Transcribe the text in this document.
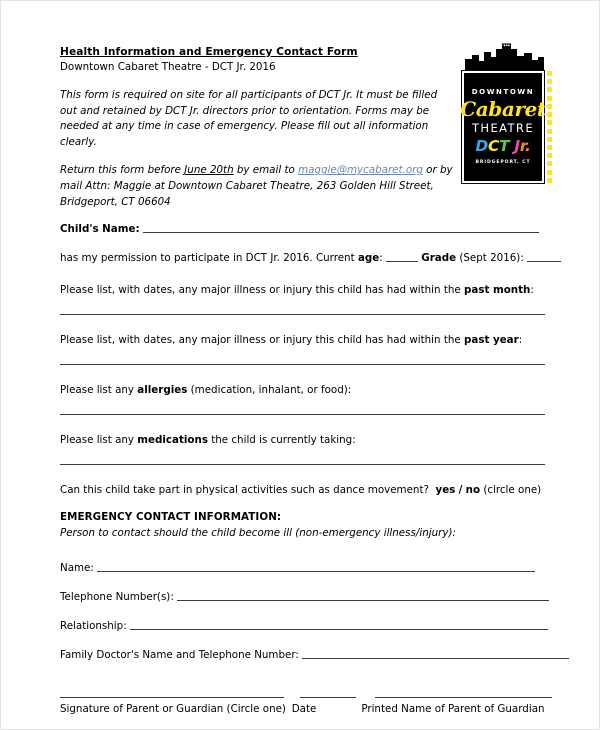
Health Information and Emergency Contact Form
Downtown Cabaret Theatre - DCT Jr. 2016
This form is required on site for all participants of DCT Jr. It must be filled out and retained by DCT Jr. directors prior to orientation. Forms may be needed at any time in case of emergency. Please fill out all information clearly.
Return this form before June 20th by email to maggie@mycabaret.org or by mail Attn: Maggie at Downtown Cabaret Theatre, 263 Golden Hill Street, Bridgeport, CT 06604
DOWNTOWN
Cabaret
THEATRE
DCT Jr.
BRIDGEPORT, CT
Child's Name:
has my permission to participate in DCT Jr. 2016. Current age:	Grade (Sept 2016):
Please list, with dates, any major illness or injury this child has had within the past month:
Please list, with dates, any major illness or injury this child has had within the past year:
Please list any allergies (medication, inhalant, or food):
Please list any medications the child is currently taking:
Can this child take part in physical activities such as dance movement? yes / no (circle one)
EMERGENCY CONTACT INFORMATION:
Person to contact should the child become ill (non-emergency illness/injury):
Name:
Telephone Number(s):
Relationship:
Family Doctor's Name and Telephone Number:
Signature of Parent or Guardian (Circle one) Date	Printed Name of Parent of Guardian
